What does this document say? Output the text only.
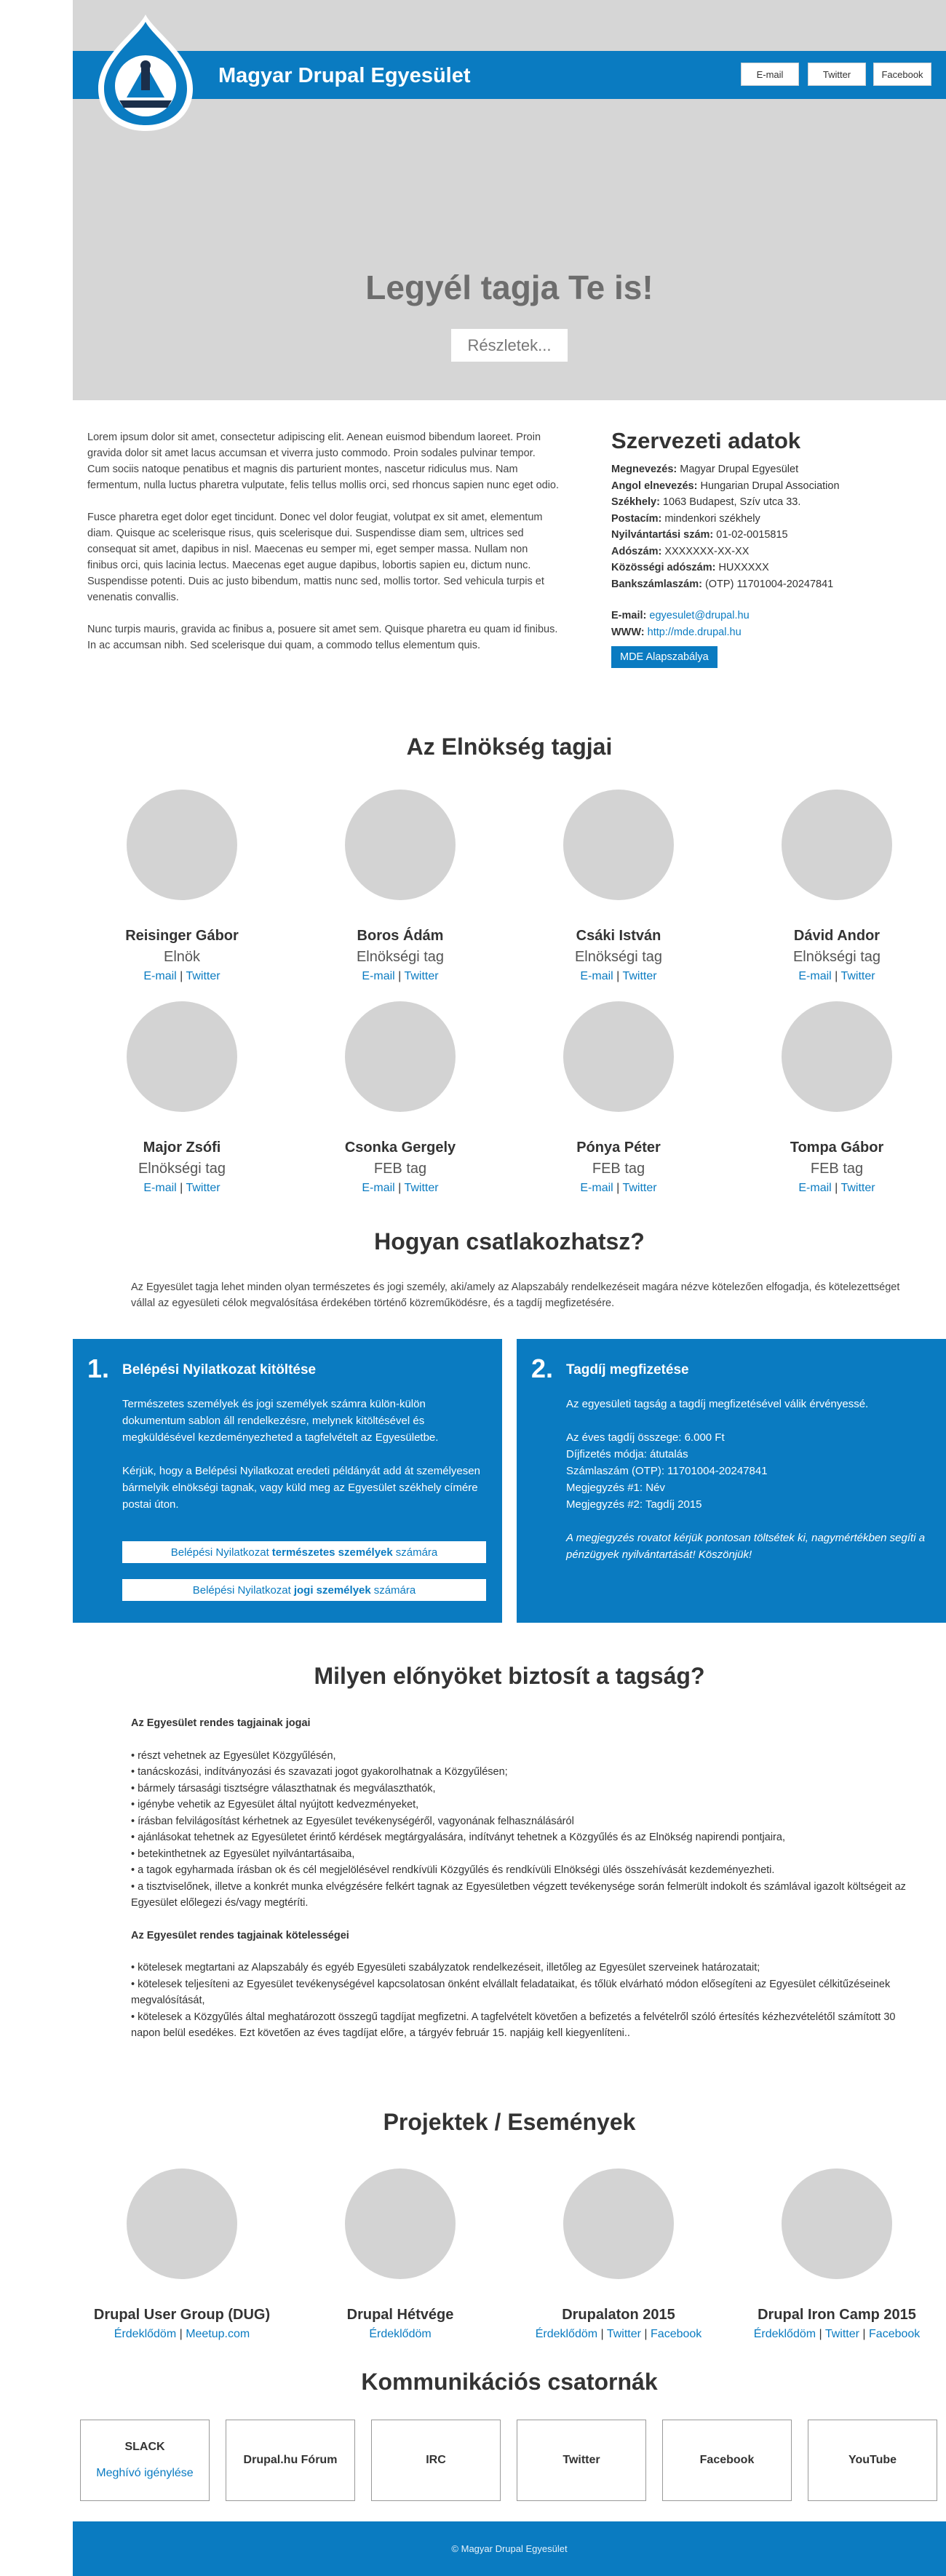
Magyar Drupal Egyesület	E-mail	Twitter	Facebook
Legyél tagja Te is!
Részletek...

Lorem ipsum dolor sit amet, consectetur adipiscing elit. Aenean euismod bibendum laoreet. Proin gravida dolor sit amet lacus accumsan et viverra justo commodo. Proin sodales pulvinar tempor. Cum sociis natoque penatibus et magnis dis parturient montes, nascetur ridiculus mus. Nam fermentum, nulla luctus pharetra vulputate, felis tellus mollis orci, sed rhoncus sapien nunc eget odio.

Fusce pharetra eget dolor eget tincidunt. Donec vel dolor feugiat, volutpat ex sit amet, elementum diam. Quisque ac scelerisque risus, quis scelerisque dui. Suspendisse diam sem, ultrices sed consequat sit amet, dapibus in nisl. Maecenas eu semper mi, eget semper massa. Nullam non finibus orci, quis lacinia lectus. Maecenas eget augue dapibus, lobortis sapien eu, dictum nunc. Suspendisse potenti. Duis ac justo bibendum, mattis nunc sed, mollis tortor. Sed vehicula turpis et venenatis convallis.

Nunc turpis mauris, gravida ac finibus a, posuere sit amet sem. Quisque pharetra eu quam id finibus. In ac accumsan nibh. Sed scelerisque dui quam, a commodo tellus elementum quis.

Szervezeti adatok
Megnevezés: Magyar Drupal Egyesület
Angol elnevezés: Hungarian Drupal Association
Székhely: 1063 Budapest, Szív utca 33.
Postacím: mindenkori székhely
Nyilvántartási szám: 01-02-0015815
Adószám: XXXXXXX-XX-XX
Közösségi adószám: HUXXXXX
Bankszámlaszám: (OTP) 11701004-20247841
E-mail: egyesulet@drupal.hu
WWW: http://mde.drupal.hu
MDE Alapszabálya
Az Elnökség tagjai
Reisinger Gábor
Elnök
E-mail | Twitter
Boros Ádám
Elnökségi tag
E-mail | Twitter
Csáki István
Elnökségi tag
E-mail | Twitter
Dávid Andor
Elnökségi tag
E-mail | Twitter
Major Zsófi
Elnökségi tag
E-mail | Twitter
Csonka Gergely
FEB tag
E-mail | Twitter
Pónya Péter
FEB tag
E-mail | Twitter
Tompa Gábor
FEB tag
E-mail | Twitter
Hogyan csatlakozhatsz?
Az Egyesület tagja lehet minden olyan természetes és jogi személy, aki/amely az Alapszabály rendelkezéseit magára nézve kötelezően elfogadja, és kötelezettséget vállal az egyesületi célok megvalósítása érdekében történő közreműködésre, és a tagdíj megfizetésére.
1. Belépési Nyilatkozat kitöltése

Természetes személyek és jogi személyek számra külön-külön dokumentum sablon áll rendelkezésre, melynek kitöltésével és megküldésével kezdeményezheted a tagfelvételt az Egyesületbe.

Kérjük, hogy a Belépési Nyilatkozat eredeti példányát add át személyesen bármelyik elnökségi tagnak, vagy küld meg az Egyesület székhely címére postai úton.

Belépési Nyilatkozat természetes személyek számára
Belépési Nyilatkozat jogi személyek számára
2. Tagdíj megfizetése

Az egyesületi tagság a tagdíj megfizetésével válik érvényessé.

Az éves tagdíj összege: 6.000 Ft
Díjfizetés módja: átutalás
Számlaszám (OTP): 11701004-20247841
Megjegyzés #1: Név
Megjegyzés #2: Tagdíj 2015

A megjegyzés rovatot kérjük pontosan töltsétek ki, nagymértékben segíti a pénzügyek nyilvántartását! Köszönjük!

Milyen előnyöket biztosít a tagság?
Az Egyesület rendes tagjainak jogai
• részt vehetnek az Egyesület Közgyűlésén,
• tanácskozási, indítványozási és szavazati jogot gyakorolhatnak a Közgyűlésen;
• bármely társasági tisztségre választhatnak és megválaszthatók,
• igénybe vehetik az Egyesület által nyújtott kedvezményeket,
• írásban felvilágosítást kérhetnek az Egyesület tevékenységéről, vagyonának felhasználásáról
• ajánlásokat tehetnek az Egyesületet érintő kérdések megtárgyalására, indítványt tehetnek a Közgyűlés és az Elnökség napirendi pontjaira,
• betekinthetnek az Egyesület nyilvántartásaiba,
• a tagok egyharmada írásban ok és cél megjelölésével rendkívüli Közgyűlés és rendkívüli Elnökségi ülés összehívását kezdeményezheti.
• a tisztviselőnek, illetve a konkrét munka elvégzésére felkért tagnak az Egyesületben végzett tevékenysége során felmerült indokolt és számlával igazolt költségeit az Egyesület előlegezi és/vagy megtéríti.
Az Egyesület rendes tagjainak kötelességei
• kötelesek megtartani az Alapszabály és egyéb Egyesületi szabályzatok rendelkezéseit, illetőleg az Egyesület szerveinek határozatait;
• kötelesek teljesíteni az Egyesület tevékenységével kapcsolatosan önként elvállalt feladataikat, és tőlük elvárható módon elősegíteni az Egyesület célkitűzéseinek megvalósítását,
• kötelesek a Közgyűlés által meghatározott összegű tagdíjat megfizetni. A tagfelvételt követően a befizetés a felvételről szóló értesítés kézhezvételétől számított 30 napon belül esedékes. Ezt követően az éves tagdíjat előre, a tárgyév február 15. napjáig kell kiegyenlíteni..
Projektek / Események
Drupal User Group (DUG)
Érdeklődöm | Meetup.com
Drupal Hétvége
Érdeklődöm
Drupalaton 2015
Érdeklődöm | Twitter | Facebook
Drupal Iron Camp 2015
Érdeklődöm | Twitter | Facebook
Kommunikációs csatornák
SLACK
Meghívó igénylése
Drupal.hu Fórum	IRC	Twitter	Facebook	YouTube
© Magyar Drupal Egyesület
